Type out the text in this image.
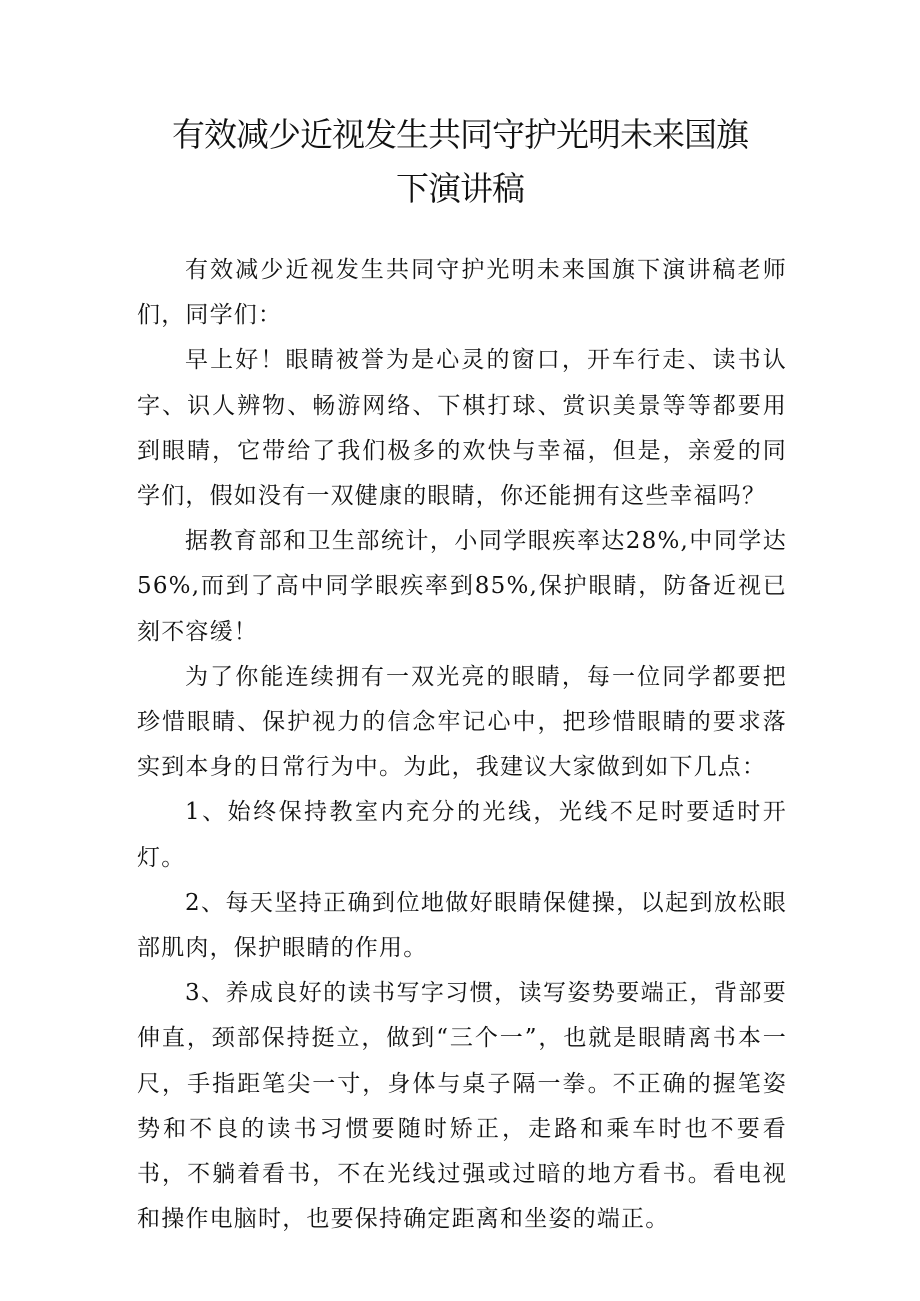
有效减少近视发生共同守护光明未来国旗
下演讲稿

有效减少近视发生共同守护光明未来国旗下演讲稿老师们，同学们：

早上好！眼睛被誉为是心灵的窗口，开车行走、读书认字、识人辨物、畅游网络、下棋打球、赏识美景等等都要用到眼睛，它带给了我们极多的欢快与幸福，但是，亲爱的同学们，假如没有一双健康的眼睛，你还能拥有这些幸福吗？

据教育部和卫生部统计，小同学眼疾率达28%,中同学达56%,而到了高中同学眼疾率到85%,保护眼睛，防备近视已刻不容缓！

为了你能连续拥有一双光亮的眼睛，每一位同学都要把珍惜眼睛、保护视力的信念牢记心中，把珍惜眼睛的要求落实到本身的日常行为中。为此，我建议大家做到如下几点：

1、始终保持教室内充分的光线，光线不足时要适时开灯。

2、每天坚持正确到位地做好眼睛保健操，以起到放松眼部肌肉，保护眼睛的作用。

3、养成良好的读书写字习惯，读写姿势要端正，背部要伸直，颈部保持挺立，做到“三个一”，也就是眼睛离书本一尺，手指距笔尖一寸，身体与桌子隔一拳。不正确的握笔姿势和不良的读书习惯要随时矫正，走路和乘车时也不要看书，不躺着看书，不在光线过强或过暗的地方看书。看电视和操作电脑时，也要保持确定距离和坐姿的端正。
